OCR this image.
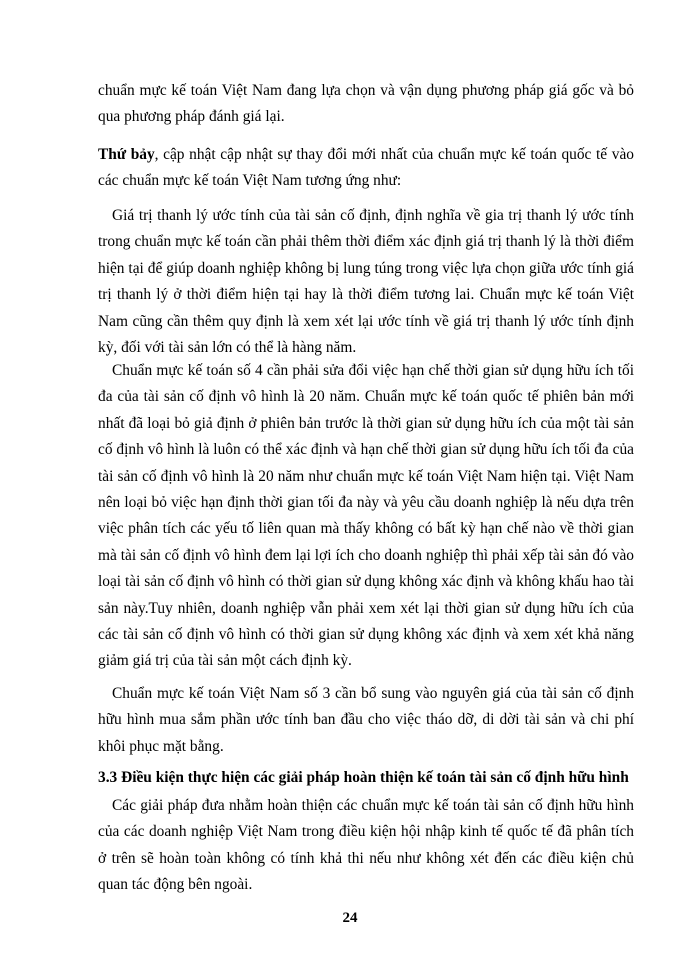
chuẩn mực kế toán Việt Nam đang lựa chọn và vận dụng phương pháp giá gốc và bỏ qua phương pháp đánh giá lại.

Thứ bảy, cập nhật cập nhật sự thay đổi mới nhất của chuẩn mực kế toán quốc tế vào các chuẩn mực kế toán Việt Nam tương ứng như:

Giá trị thanh lý ước tính của tài sản cố định, định nghĩa về gia trị thanh lý ước tính trong chuẩn mực kế toán cần phải thêm thời điểm xác định giá trị thanh lý là thời điểm hiện tại để giúp doanh nghiệp không bị lung túng trong việc lựa chọn giữa ước tính giá trị thanh lý ở thời điểm hiện tại hay là thời điểm tương lai. Chuẩn mực kế toán Việt Nam cũng cần thêm quy định là xem xét lại ước tính về giá trị thanh lý ước tính định kỳ, đối với tài sản lớn có thể là hàng năm.

Chuẩn mực kế toán số 4 cần phải sửa đổi việc hạn chế thời gian sử dụng hữu ích tối đa của tài sản cố định vô hình là 20 năm. Chuẩn mực kế toán quốc tế phiên bản mới nhất đã loại bỏ giả định ở phiên bản trước là thời gian sử dụng hữu ích của một tài sản cố định vô hình là luôn có thể xác định và hạn chế thời gian sử dụng hữu ích tối đa của tài sản cố định vô hình là 20 năm như chuẩn mực kế toán Việt Nam hiện tại. Việt Nam nên loại bỏ việc hạn định thời gian tối đa này và yêu cầu doanh nghiệp là nếu dựa trên việc phân tích các yếu tố liên quan mà thấy không có bất kỳ hạn chế nào về thời gian mà tài sản cố định vô hình đem lại lợi ích cho doanh nghiệp thì phải xếp tài sản đó vào loại tài sản cố định vô hình có thời gian sử dụng không xác định và không khấu hao tài sản này.Tuy nhiên, doanh nghiệp vẫn phải xem xét lại thời gian sử dụng hữu ích của các tài sản cố định vô hình có thời gian sử dụng không xác định và xem xét khả năng giảm giá trị của tài sản một cách định kỳ.

Chuẩn mực kế toán Việt Nam số 3 cần bổ sung vào nguyên giá của tài sản cố định hữu hình mua sắm phần ước tính ban đầu cho việc tháo dỡ, di dời tài sản và chi phí khôi phục mặt bằng.

3.3 Điều kiện thực hiện các giải pháp hoàn thiện kế toán tài sản cố định hữu hình

Các giải pháp đưa nhằm hoàn thiện các chuẩn mực kế toán tài sản cố định hữu hình của các doanh nghiệp Việt Nam trong điều kiện hội nhập kinh tế quốc tế đã phân tích ở trên sẽ hoàn toàn không có tính khả thi nếu như không xét đến các điều kiện chủ quan tác động bên ngoài.

24
